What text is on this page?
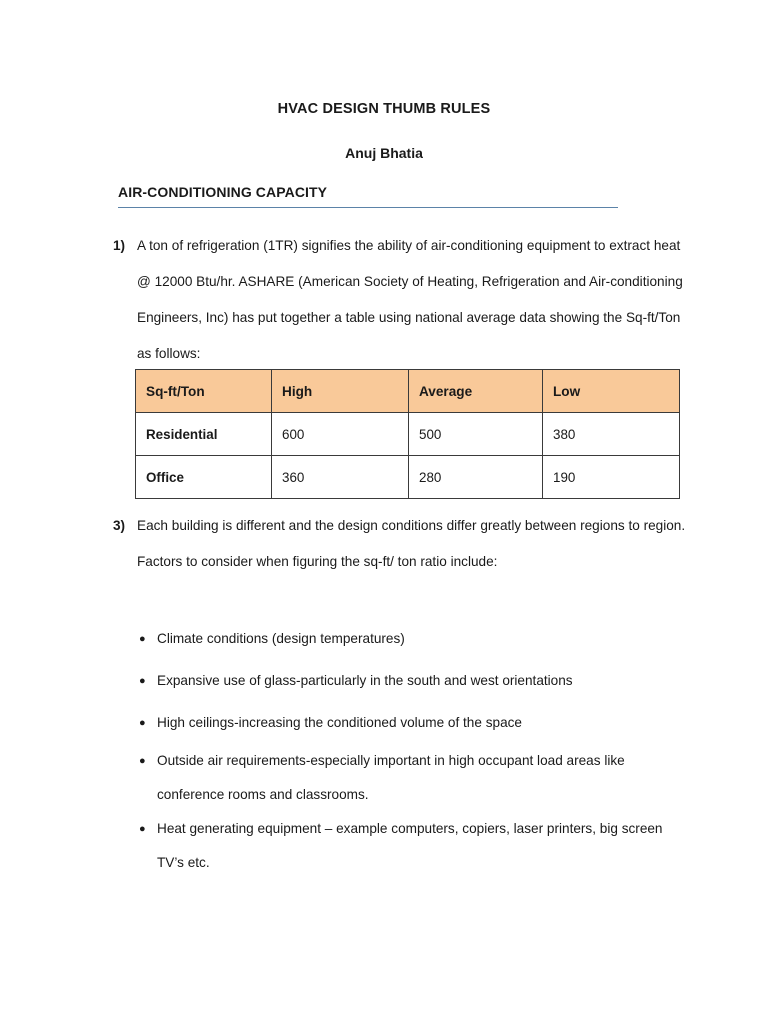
HVAC DESIGN THUMB RULES
Anuj Bhatia
AIR-CONDITIONING CAPACITY
1) A ton of refrigeration (1TR) signifies the ability of air-conditioning equipment to extract heat @ 12000 Btu/hr. ASHARE (American Society of Heating, Refrigeration and Air-conditioning Engineers, Inc) has put together a table using national average data showing the Sq-ft/Ton as follows:
Sq-ft/Ton	High	Average	Low
Residential	600	500	380
Office	360	280	190
3) Each building is different and the design conditions differ greatly between regions to region. Factors to consider when figuring the sq-ft/ ton ratio include:
● Climate conditions (design temperatures)
● Expansive use of glass-particularly in the south and west orientations
● High ceilings-increasing the conditioned volume of the space
● Outside air requirements-especially important in high occupant load areas like conference rooms and classrooms.
● Heat generating equipment – example computers, copiers, laser printers, big screen TV’s etc.
